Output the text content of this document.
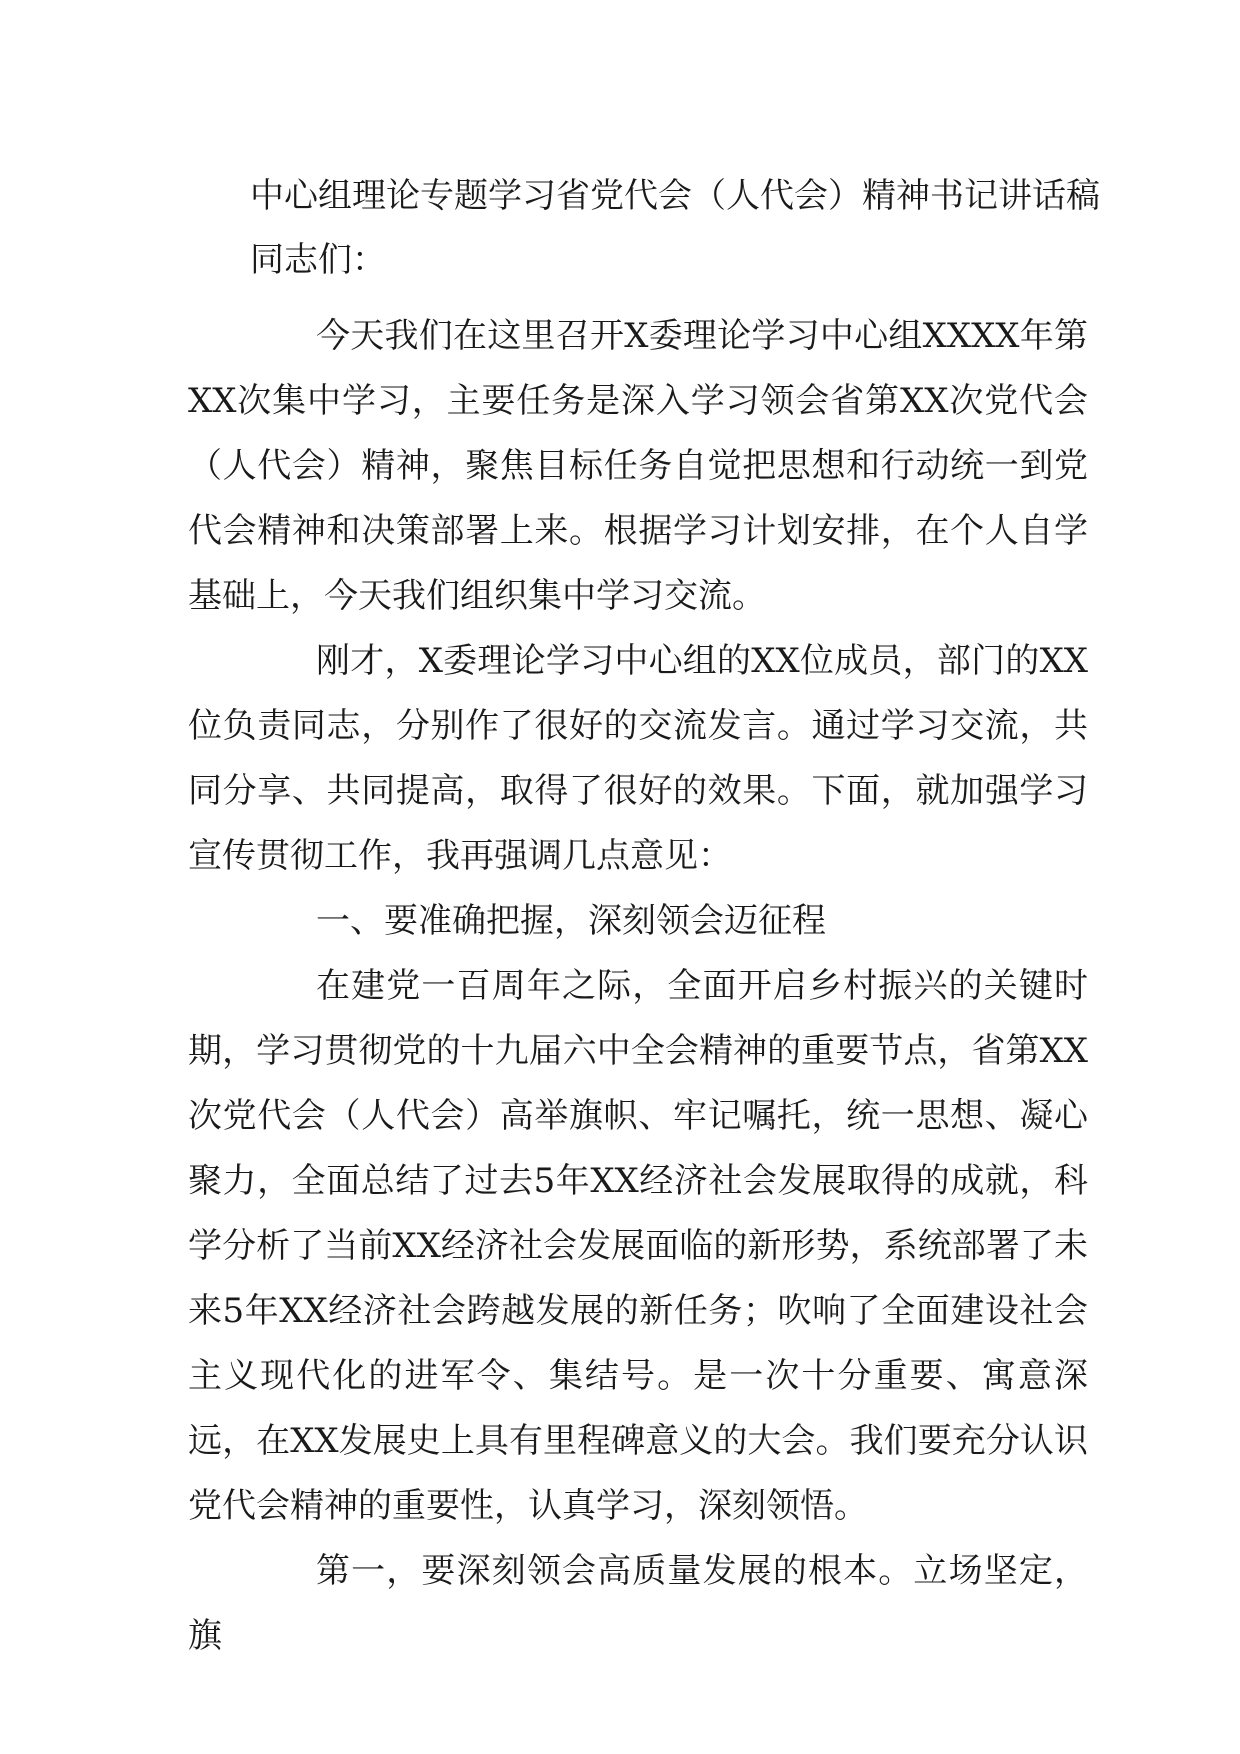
中心组理论专题学习省党代会（人代会）精神书记讲话稿

同志们：

今天我们在这里召开X委理论学习中心组XXXX年第XX次集中学习，主要任务是深入学习领会省第XX次党代会（人代会）精神，聚焦目标任务自觉把思想和行动统一到党代会精神和决策部署上来。根据学习计划安排，在个人自学基础上，今天我们组织集中学习交流。

刚才，X委理论学习中心组的XX位成员，部门的XX位负责同志，分别作了很好的交流发言。通过学习交流，共同分享、共同提高，取得了很好的效果。下面，就加强学习宣传贯彻工作，我再强调几点意见：

一、要准确把握，深刻领会迈征程

在建党一百周年之际，全面开启乡村振兴的关键时期，学习贯彻党的十九届六中全会精神的重要节点，省第XX次党代会（人代会）高举旗帜、牢记嘱托，统一思想、凝心聚力，全面总结了过去5年XX经济社会发展取得的成就，科学分析了当前XX经济社会发展面临的新形势，系统部署了未来5年XX经济社会跨越发展的新任务；吹响了全面建设社会主义现代化的进军令、集结号。是一次十分重要、寓意深远，在XX发展史上具有里程碑意义的大会。我们要充分认识党代会精神的重要性，认真学习，深刻领悟。

第一，要深刻领会高质量发展的根本。立场坚定，旗
